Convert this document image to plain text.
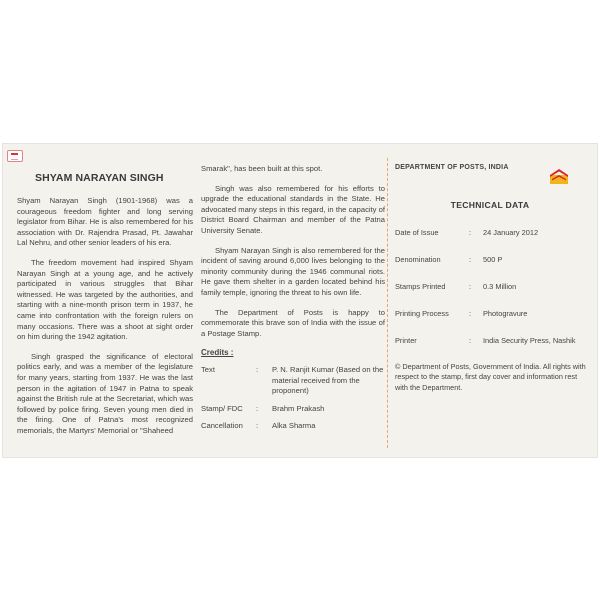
SHYAM NARAYAN SINGH

Shyam Narayan Singh (1901-1968) was a courageous freedom fighter and long serving legislator from Bihar. He is also remembered for his association with Dr. Rajendra Prasad, Pt. Jawahar Lal Nehru, and other senior leaders of his era.

The freedom movement had inspired Shyam Narayan Singh at a young age, and he actively participated in various struggles that Bihar witnessed. He was targeted by the authorities, and starting with a nine-month prison term in 1937, he came into confrontation with the foreign rulers on many occasions. There was a shoot at sight order on him during the 1942 agitation.

Singh grasped the significance of electoral politics early, and was a member of the legislature for many years, starting from 1937. He was the last person in the agitation of 1947 in Patna to speak against the British rule at the Secretariat, which was followed by police firing. Seven young men died in the firing. One of Patna's most recognized memorials, the Martyrs' Memorial or "Shaheed

Smarak", has been built at this spot.

Singh was also remembered for his efforts to upgrade the educational standards in the State. He advocated many steps in this regard, in the capacity of District Board Chairman and member of the Patna University Senate.

Shyam Narayan Singh is also remembered for the incident of saving around 6,000 lives belonging to the minority community during the 1946 communal riots. He gave them shelter in a garden located behind his family temple, ignoring the threat to his own life.

The Department of Posts is happy to commemorate this brave son of India with the issue of a Postage Stamp.

Credits :
Text	:	P. N. Ranjit Kumar (Based on the material received from the proponent)
Stamp/ FDC	:	Brahm Prakash
Cancellation	:	Alka Sharma
DEPARTMENT OF POSTS, INDIA
TECHNICAL DATA
Date of Issue	:	24 January 2012
Denomination	:	500 P
Stamps Printed	:	0.3 Million
Printing Process	:	Photogravure
Printer	:	India Security Press, Nashik
© Department of Posts, Government of India. All rights with respect to the stamp, first day cover and information rest with the Department.
